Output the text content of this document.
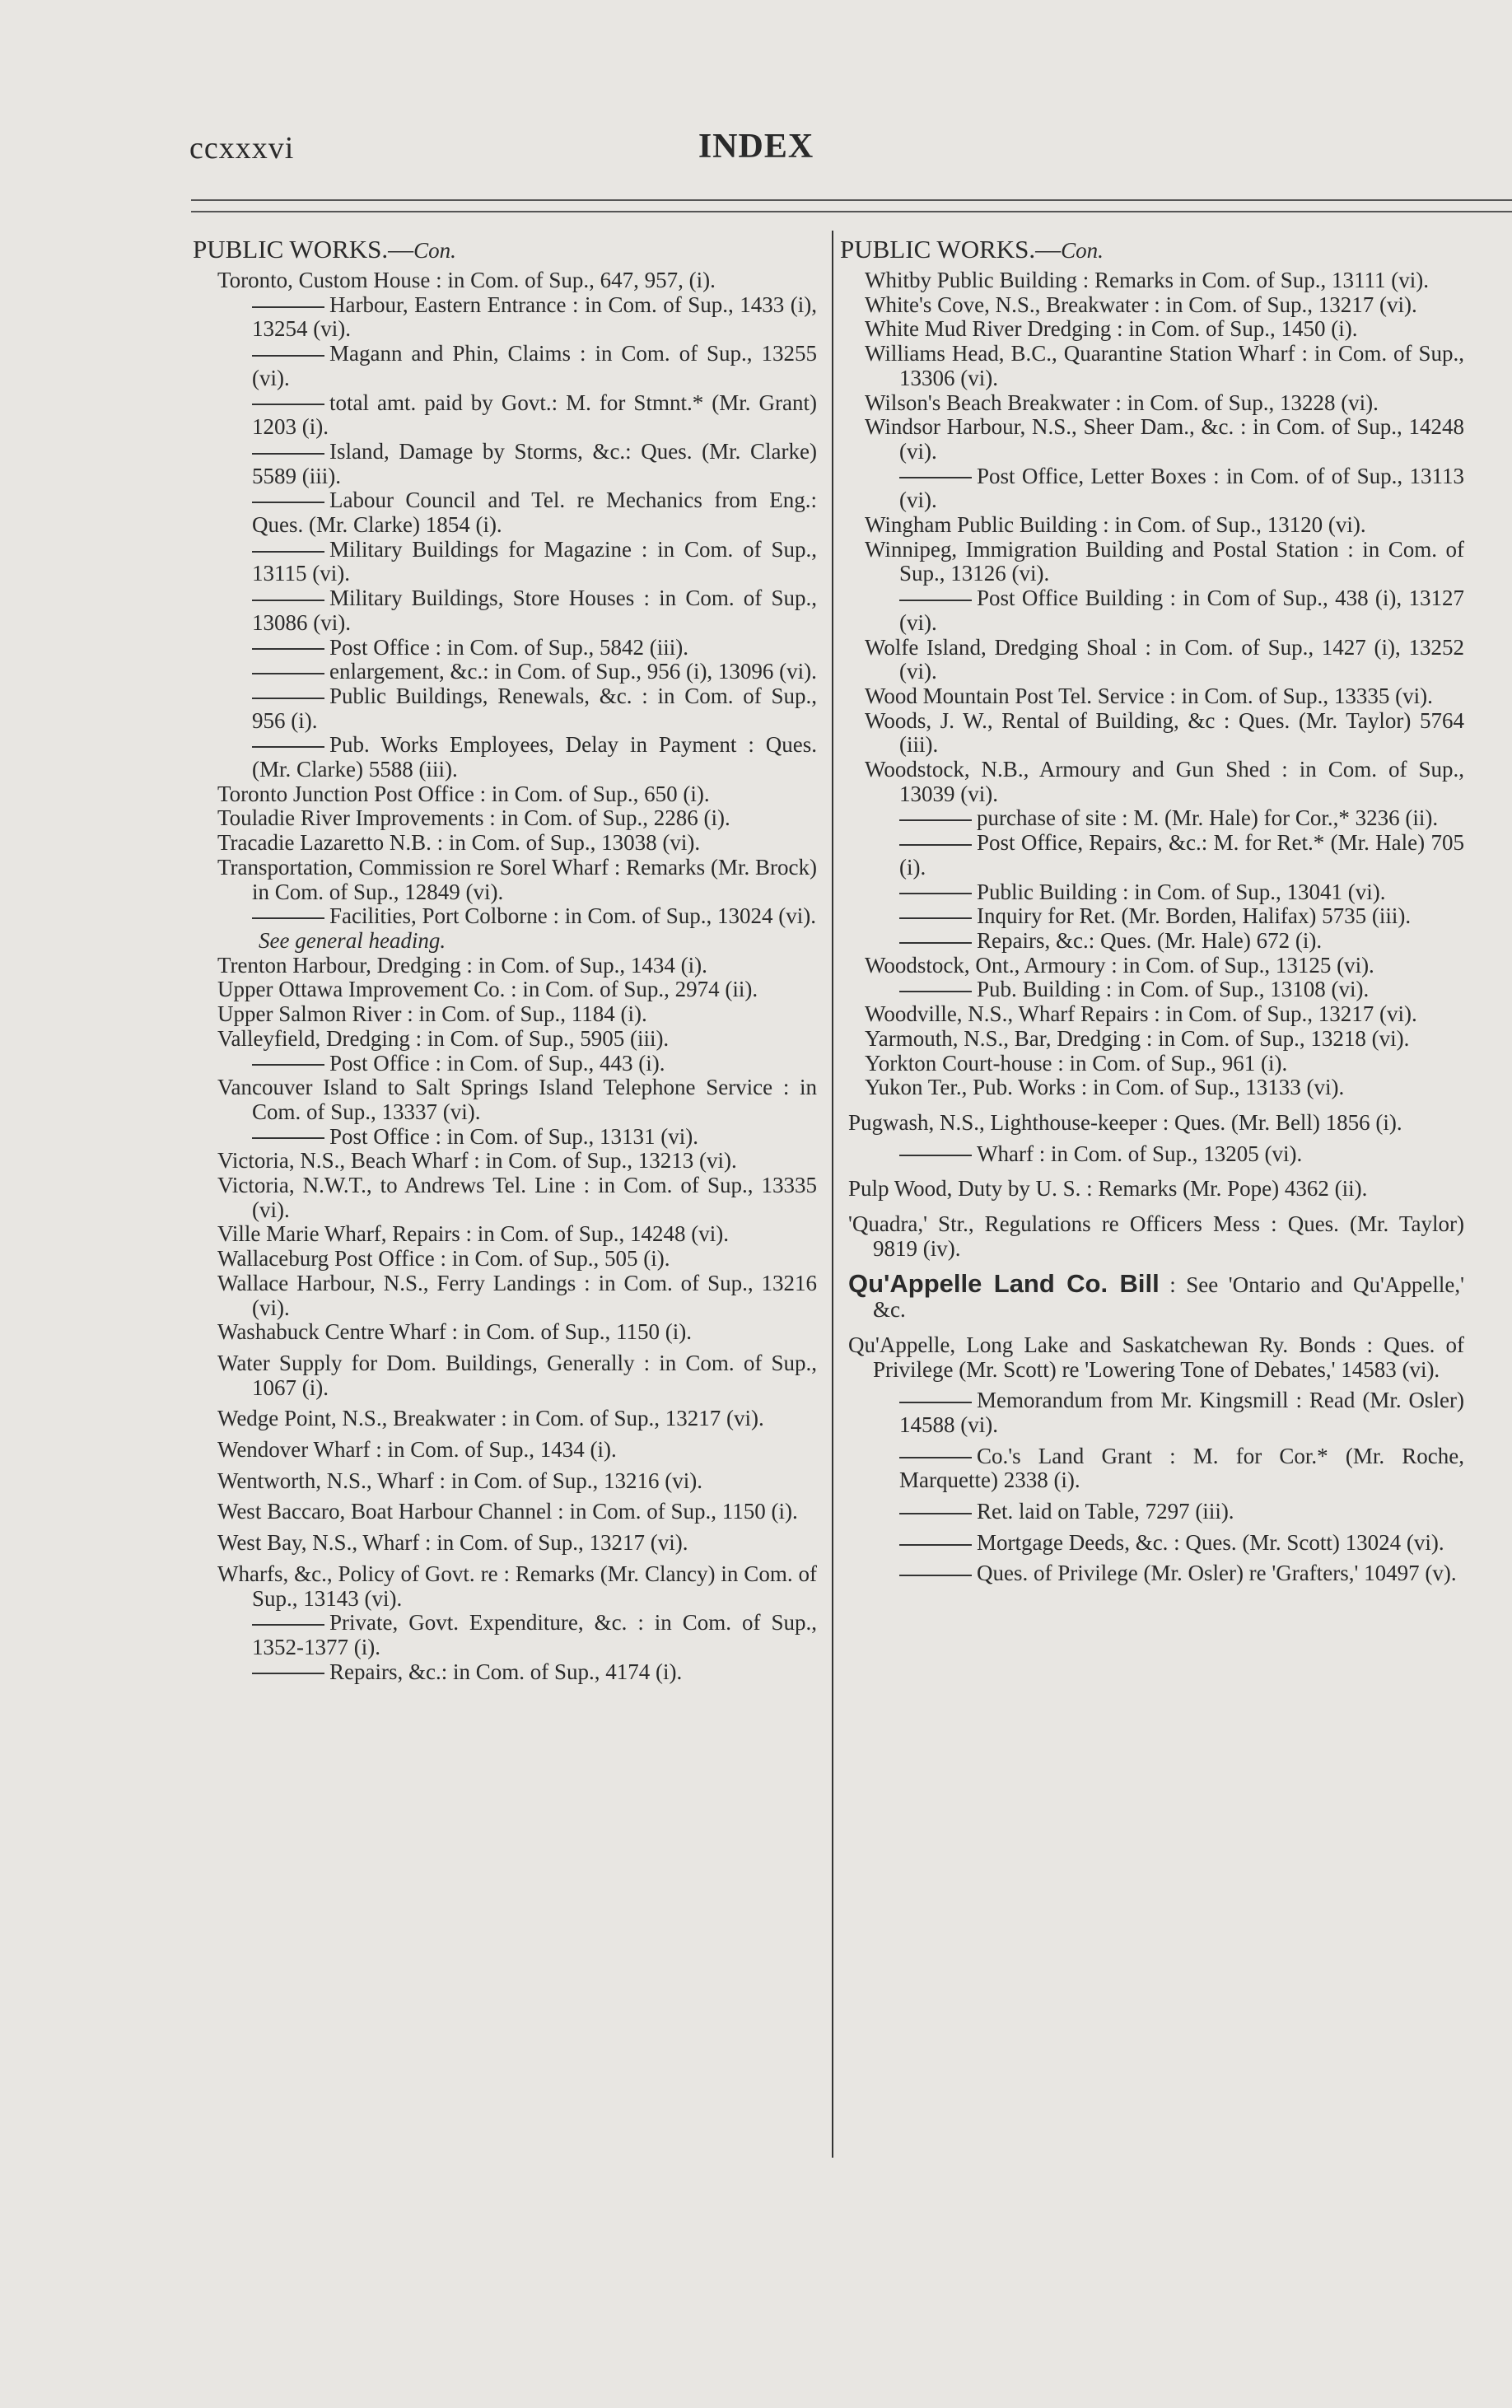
ccxxxvi	INDEX
PUBLIC WORKS.—Con.
Toronto, Custom House : in Com. of Sup., 647, 957, (i).
Harbour, Eastern Entrance : in Com. of Sup., 1433 (i), 13254 (vi).
Magann and Phin, Claims : in Com. of Sup., 13255 (vi).
total amt. paid by Govt.: M. for Stmnt.* (Mr. Grant) 1203 (i).
Island, Damage by Storms, &c.: Ques. (Mr. Clarke) 5589 (iii).
Labour Council and Tel. re Mechanics from Eng.: Ques. (Mr. Clarke) 1854 (i).
Military Buildings for Magazine : in Com. of Sup., 13115 (vi).
Military Buildings, Store Houses : in Com. of Sup., 13086 (vi).
Post Office : in Com. of Sup., 5842 (iii).
enlargement, &c.: in Com. of Sup., 956 (i), 13096 (vi).
Public Buildings, Renewals, &c. : in Com. of Sup., 956 (i).
Pub. Works Employees, Delay in Payment : Ques. (Mr. Clarke) 5588 (iii).
Toronto Junction Post Office : in Com. of Sup., 650 (i).
Touladie River Improvements : in Com. of Sup., 2286 (i).
Tracadie Lazaretto N.B. : in Com. of Sup., 13038 (vi).
Transportation, Commission re Sorel Wharf : Remarks (Mr. Brock) in Com. of Sup., 12849 (vi).
Facilities, Port Colborne : in Com. of Sup., 13024 (vi).
See general heading.
Trenton Harbour, Dredging : in Com. of Sup., 1434 (i).
Upper Ottawa Improvement Co. : in Com. of Sup., 2974 (ii).
Upper Salmon River : in Com. of Sup., 1184 (i).
Valleyfield, Dredging : in Com. of Sup., 5905 (iii).
Post Office : in Com. of Sup., 443 (i).
Vancouver Island to Salt Springs Island Telephone Service : in Com. of Sup., 13337 (vi).
Post Office : in Com. of Sup., 13131 (vi).
Victoria, N.S., Beach Wharf : in Com. of Sup., 13213 (vi).
Victoria, N.W.T., to Andrews Tel. Line : in Com. of Sup., 13335 (vi).
Ville Marie Wharf, Repairs : in Com. of Sup., 14248 (vi).
Wallaceburg Post Office : in Com. of Sup., 505 (i).
Wallace Harbour, N.S., Ferry Landings : in Com. of Sup., 13216 (vi).
Washabuck Centre Wharf : in Com. of Sup., 1150 (i).
Water Supply for Dom. Buildings, Generally : in Com. of Sup., 1067 (i).
Wedge Point, N.S., Breakwater : in Com. of Sup., 13217 (vi).
Wendover Wharf : in Com. of Sup., 1434 (i).
Wentworth, N.S., Wharf : in Com. of Sup., 13216 (vi).
West Baccaro, Boat Harbour Channel : in Com. of Sup., 1150 (i).
West Bay, N.S., Wharf : in Com. of Sup., 13217 (vi).
Wharfs, &c., Policy of Govt. re : Remarks (Mr. Clancy) in Com. of Sup., 13143 (vi).
Private, Govt. Expenditure, &c. : in Com. of Sup., 1352-1377 (i).
Repairs, &c.: in Com. of Sup., 4174 (i).
PUBLIC WORKS.—Con.
Whitby Public Building : Remarks in Com. of Sup., 13111 (vi).
White's Cove, N.S., Breakwater : in Com. of Sup., 13217 (vi).
White Mud River Dredging : in Com. of Sup., 1450 (i).
Williams Head, B.C., Quarantine Station Wharf : in Com. of Sup., 13306 (vi).
Wilson's Beach Breakwater : in Com. of Sup., 13228 (vi).
Windsor Harbour, N.S., Sheer Dam., &c. : in Com. of Sup., 14248 (vi).
Post Office, Letter Boxes : in Com. of of Sup., 13113 (vi).
Wingham Public Building : in Com. of Sup., 13120 (vi).
Winnipeg, Immigration Building and Postal Station : in Com. of Sup., 13126 (vi).
Post Office Building : in Com of Sup., 438 (i), 13127 (vi).
Wolfe Island, Dredging Shoal : in Com. of Sup., 1427 (i), 13252 (vi).
Wood Mountain Post Tel. Service : in Com. of Sup., 13335 (vi).
Woods, J. W., Rental of Building, &c : Ques. (Mr. Taylor) 5764 (iii).
Woodstock, N.B., Armoury and Gun Shed : in Com. of Sup., 13039 (vi).
purchase of site : M. (Mr. Hale) for Cor.,* 3236 (ii).
Post Office, Repairs, &c.: M. for Ret.* (Mr. Hale) 705 (i).
Public Building : in Com. of Sup., 13041 (vi).
Inquiry for Ret. (Mr. Borden, Halifax) 5735 (iii).
Repairs, &c.: Ques. (Mr. Hale) 672 (i).
Woodstock, Ont., Armoury : in Com. of Sup., 13125 (vi).
Pub. Building : in Com. of Sup., 13108 (vi).
Woodville, N.S., Wharf Repairs : in Com. of Sup., 13217 (vi).
Yarmouth, N.S., Bar, Dredging : in Com. of Sup., 13218 (vi).
Yorkton Court-house : in Com. of Sup., 961 (i).
Yukon Ter., Pub. Works : in Com. of Sup., 13133 (vi).
Pugwash, N.S., Lighthouse-keeper : Ques. (Mr. Bell) 1856 (i).
Wharf : in Com. of Sup., 13205 (vi).
Pulp Wood, Duty by U. S. : Remarks (Mr. Pope) 4362 (ii).
'Quadra,' Str., Regulations re Officers Mess : Ques. (Mr. Taylor) 9819 (iv).
Qu'Appelle Land Co. Bill : See 'Ontario and Qu'Appelle,' &c.
Qu'Appelle, Long Lake and Saskatchewan Ry. Bonds : Ques. of Privilege (Mr. Scott) re 'Lowering Tone of Debates,' 14583 (vi).
Memorandum from Mr. Kingsmill : Read (Mr. Osler) 14588 (vi).
Co.'s Land Grant : M. for Cor.* (Mr. Roche, Marquette) 2338 (i).
Ret. laid on Table, 7297 (iii).
Mortgage Deeds, &c. : Ques. (Mr. Scott) 13024 (vi).
Ques. of Privilege (Mr. Osler) re 'Grafters,' 10497 (v).
